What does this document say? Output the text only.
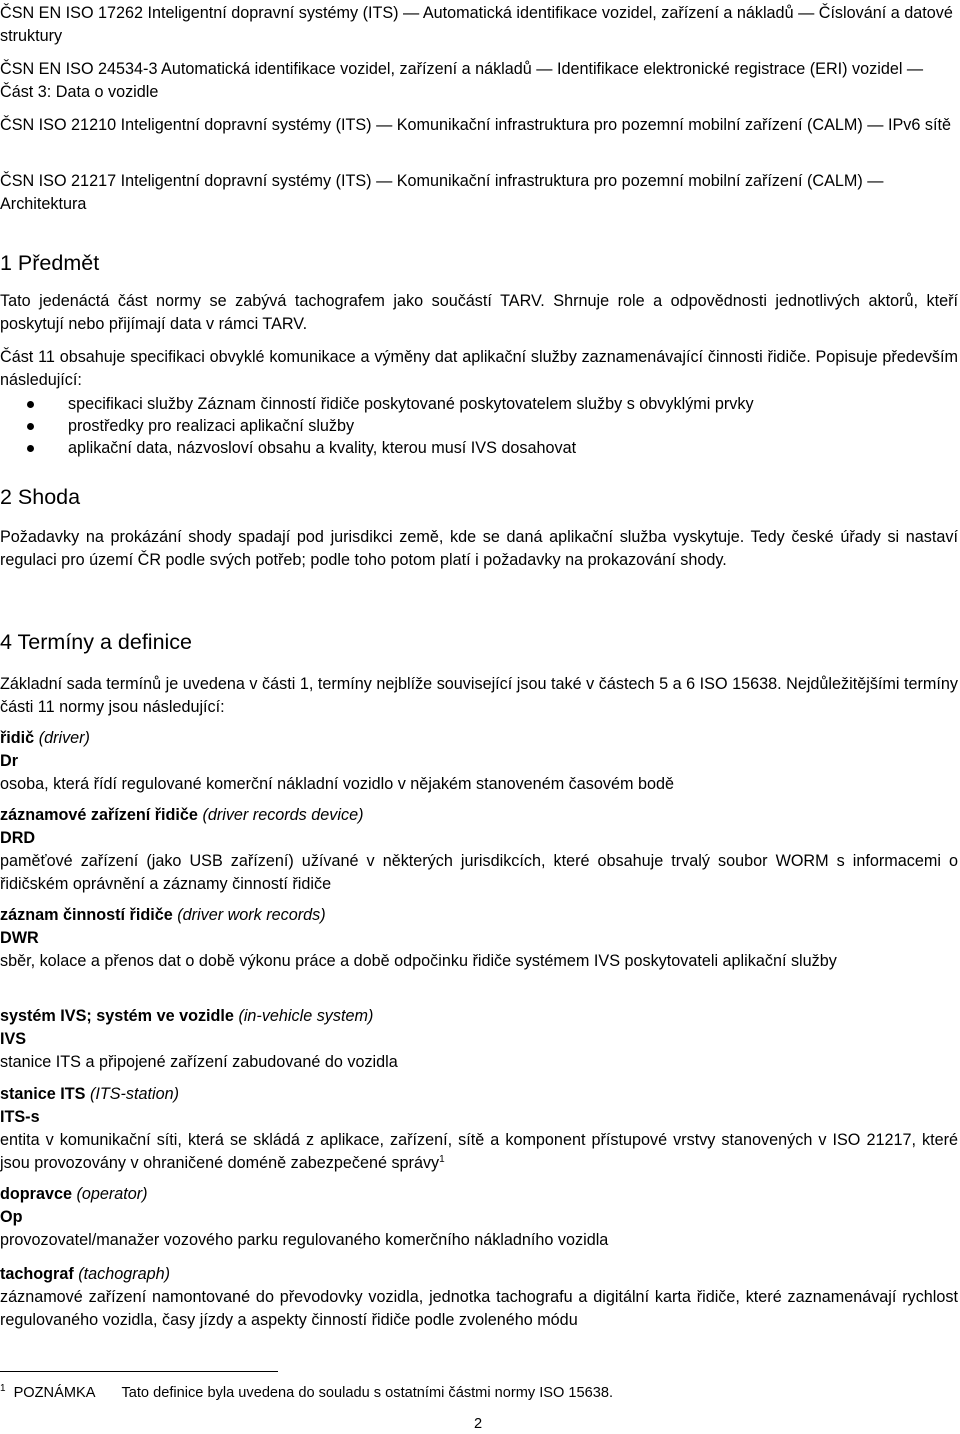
ČSN EN ISO 17262 Inteligentní dopravní systémy (ITS) — Automatická identifikace vozidel, zařízení a nákladů — Číslování a datové struktury

ČSN EN ISO 24534-3 Automatická identifikace vozidel, zařízení a nákladů — Identifikace elektronické registrace (ERI) vozidel — Část 3: Data o vozidle

ČSN ISO 21210 Inteligentní dopravní systémy (ITS) — Komunikační infrastruktura pro pozemní mobilní zařízení (CALM) — IPv6 sítě

ČSN ISO 21217 Inteligentní dopravní systémy (ITS) — Komunikační infrastruktura pro pozemní mobilní zařízení (CALM) — Architektura

1 Předmět

Tato jedenáctá část normy se zabývá tachografem jako součástí TARV. Shrnuje role a odpovědnosti jednotlivých aktorů, kteří poskytují nebo přijímají data v rámci TARV.

Část 11 obsahuje specifikaci obvyklé komunikace a výměny dat aplikační služby zaznamenávající činnosti řidiče. Popisuje především následující:

specifikaci služby Záznam činností řidiče poskytované poskytovatelem služby s obvyklými prvky
prostředky pro realizaci aplikační služby
aplikační data, názvosloví obsahu a kvality, kterou musí IVS dosahovat
2 Shoda

Požadavky na prokázání shody spadají pod jurisdikci země, kde se daná aplikační služba vyskytuje. Tedy české úřady si nastaví regulaci pro území ČR podle svých potřeb; podle toho potom platí i požadavky na prokazování shody.

4 Termíny a definice

Základní sada termínů je uvedena v části 1, termíny nejblíže související jsou také v částech 5 a 6 ISO 15638. Nejdůležitějšími termíny části 11 normy jsou následující:

řidič (driver)

Dr

osoba, která řídí regulované komerční nákladní vozidlo v nějakém stanoveném časovém bodě

záznamové zařízení řidiče (driver records device)

DRD

paměťové zařízení (jako USB zařízení) užívané v některých jurisdikcích, které obsahuje trvalý soubor WORM s informacemi o řidičském oprávnění a záznamy činností řidiče

záznam činností řidiče (driver work records)

DWR

sběr, kolace a přenos dat o době výkonu práce a době odpočinku řidiče systémem IVS poskytovateli aplikační služby

systém IVS; systém ve vozidle (in-vehicle system)

IVS

stanice ITS a připojené zařízení zabudované do vozidla

stanice ITS (ITS-station)

ITS-s

entita v komunikační síti, která se skládá z aplikace, zařízení, sítě a komponent přístupové vrstvy stanovených v ISO 21217, které jsou provozovány v ohraničené doméně zabezpečené správy$^1$

dopravce (operator)

Op

provozovatel/manažer vozového parku regulovaného komerčního nákladního vozidla

tachograf (tachograph)

záznamové zařízení namontované do převodovky vozidla, jednotka tachografu a digitální karta řidiče, které zaznamenávají rychlost regulovaného vozidla, časy jízdy a aspekty činností řidiče podle zvoleného módu

$^1$ POZNÁMKA Tato definice byla uvedena do souladu s ostatními částmi normy ISO 15638.
2
